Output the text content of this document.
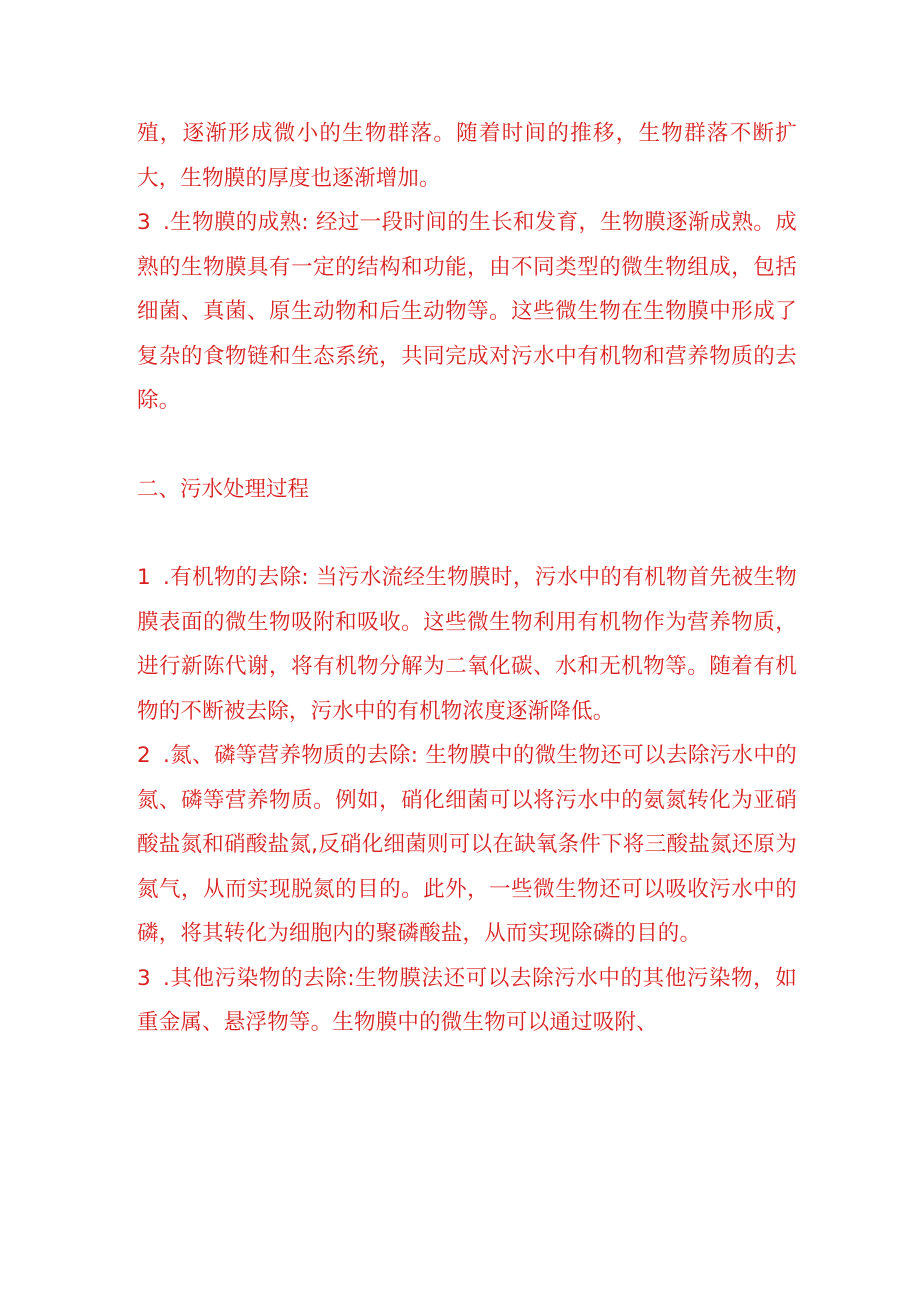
殖，逐渐形成微小的生物群落。随着时间的推移，生物群落不断扩大，生物膜的厚度也逐渐增加。

3 .生物膜的成熟: 经过一段时间的生长和发育，生物膜逐渐成熟。成熟的生物膜具有一定的结构和功能，由不同类型的微生物组成，包括细菌、真菌、原生动物和后生动物等。这些微生物在生物膜中形成了复杂的食物链和生态系统，共同完成对污水中有机物和营养物质的去除。

二、污水处理过程

1 .有机物的去除: 当污水流经生物膜时，污水中的有机物首先被生物膜表面的微生物吸附和吸收。这些微生物利用有机物作为营养物质，进行新陈代谢，将有机物分解为二氧化碳、水和无机物等。随着有机物的不断被去除，污水中的有机物浓度逐渐降低。

2 .氮、磷等营养物质的去除: 生物膜中的微生物还可以去除污水中的氮、磷等营养物质。例如，硝化细菌可以将污水中的氨氮转化为亚硝酸盐氮和硝酸盐氮,反硝化细菌则可以在缺氧条件下将三酸盐氮还原为氮气，从而实现脱氮的目的。此外，一些微生物还可以吸收污水中的磷，将其转化为细胞内的聚磷酸盐，从而实现除磷的目的。

3 .其他污染物的去除:生物膜法还可以去除污水中的其他污染物，如重金属、悬浮物等。生物膜中的微生物可以通过吸附、
